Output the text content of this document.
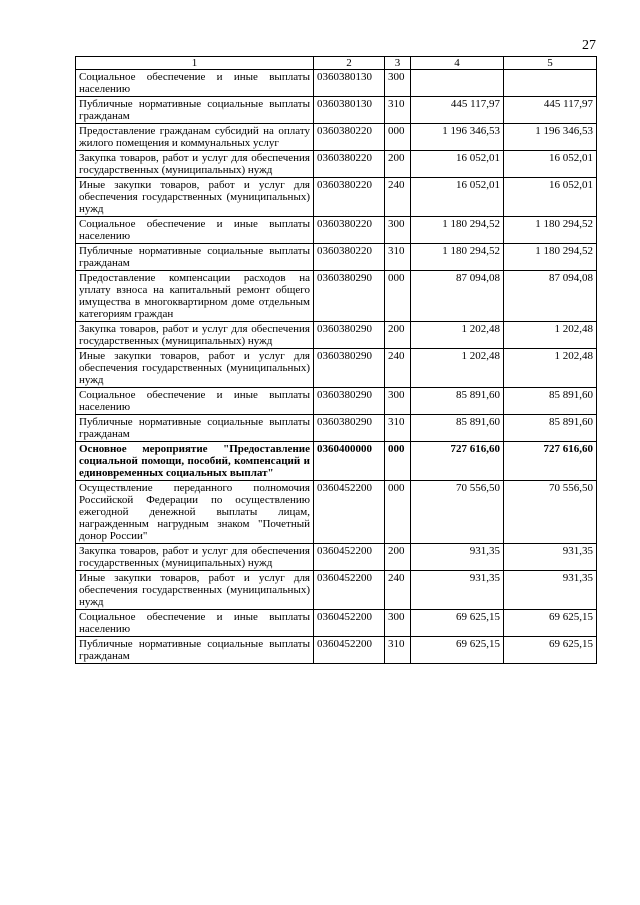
27
1	2	3	4	5
Социальное обеспечение и иные выплаты населению	0360380130	300		
Публичные нормативные социальные выплаты гражданам	0360380130	310	445 117,97	445 117,97
Предоставление гражданам субсидий на оплату жилого помещения и коммунальных услуг	0360380220	000	1 196 346,53	1 196 346,53
Закупка товаров, работ и услуг для обеспечения государственных (муниципальных) нужд	0360380220	200	16 052,01	16 052,01
Иные закупки товаров, работ и услуг для обеспечения государственных (муниципальных) нужд	0360380220	240	16 052,01	16 052,01
Социальное обеспечение и иные выплаты населению	0360380220	300	1 180 294,52	1 180 294,52
Публичные нормативные социальные выплаты гражданам	0360380220	310	1 180 294,52	1 180 294,52
Предоставление компенсации расходов на уплату взноса на капитальный ремонт общего имущества в многоквартирном доме отдельным категориям граждан	0360380290	000	87 094,08	87 094,08
Закупка товаров, работ и услуг для обеспечения государственных (муниципальных) нужд	0360380290	200	1 202,48	1 202,48
Иные закупки товаров, работ и услуг для обеспечения государственных (муниципальных) нужд	0360380290	240	1 202,48	1 202,48
Социальное обеспечение и иные выплаты населению	0360380290	300	85 891,60	85 891,60
Публичные нормативные социальные выплаты гражданам	0360380290	310	85 891,60	85 891,60
Основное мероприятие "Предоставление социальной помощи, пособий, компенсаций и единовременных социальных выплат"	0360400000	000	727 616,60	727 616,60
Осуществление переданного полномочия Российской Федерации по осуществлению ежегодной денежной выплаты лицам, награжденным нагрудным знаком "Почетный донор России"	0360452200	000	70 556,50	70 556,50
Закупка товаров, работ и услуг для обеспечения государственных (муниципальных) нужд	0360452200	200	931,35	931,35
Иные закупки товаров, работ и услуг для обеспечения государственных (муниципальных) нужд	0360452200	240	931,35	931,35
Социальное обеспечение и иные выплаты населению	0360452200	300	69 625,15	69 625,15
Публичные нормативные социальные выплаты гражданам	0360452200	310	69 625,15	69 625,15
